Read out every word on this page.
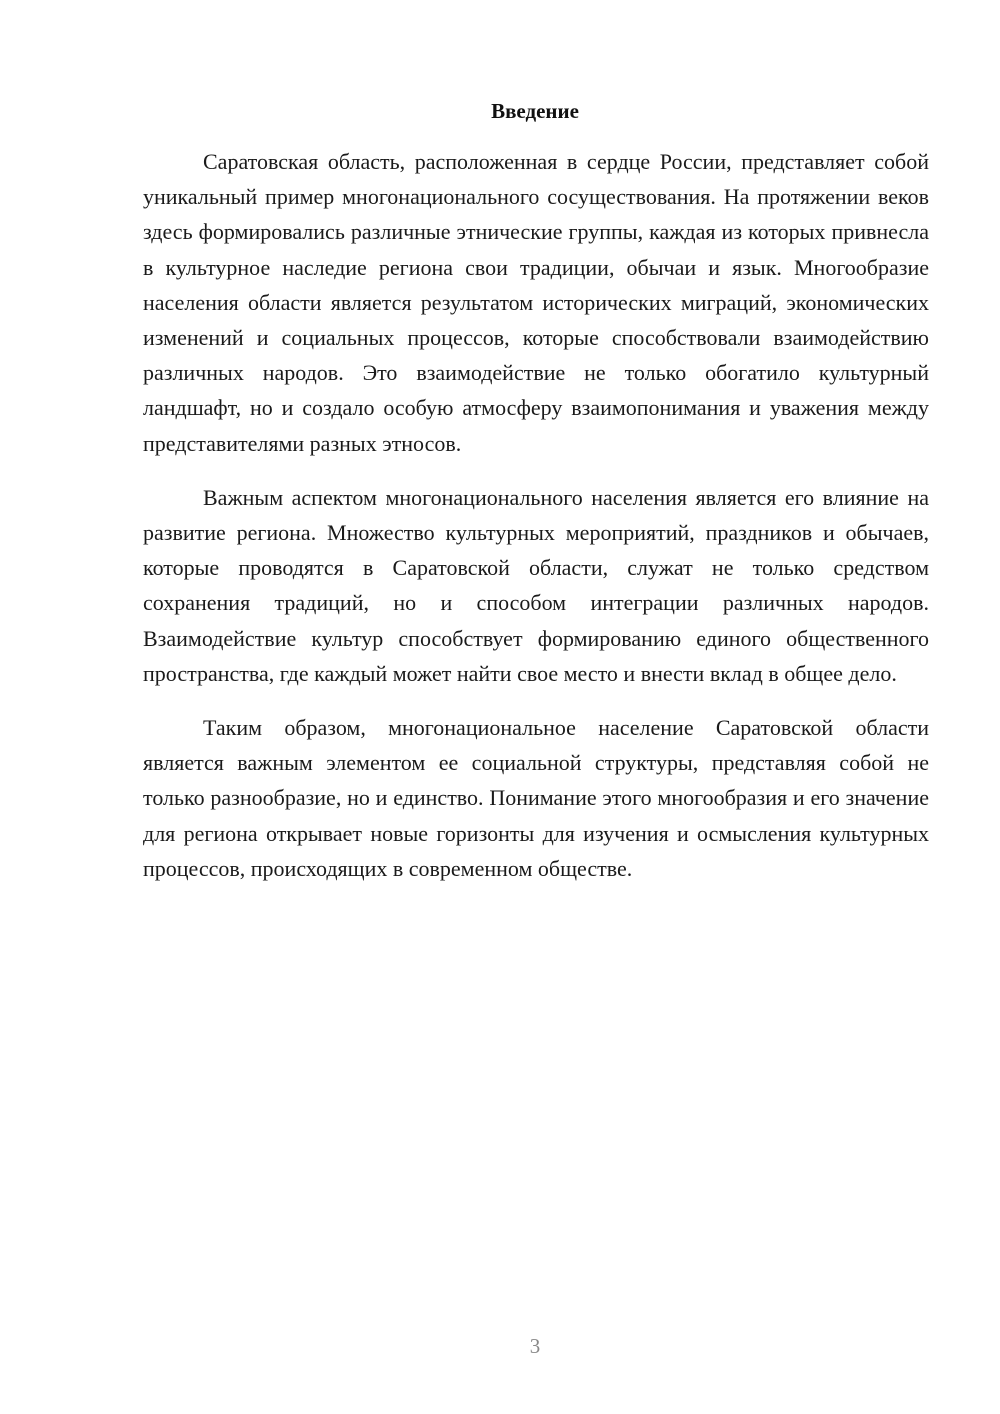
Введение

Саратовская область, расположенная в сердце России, представляет собой уникальный пример многонационального сосуществования. На протяжении веков здесь формировались различные этнические группы, каждая из которых привнесла в культурное наследие региона свои традиции, обычаи и язык. Многообразие населения области является результатом исторических миграций, экономических изменений и социальных процессов, которые способствовали взаимодействию различных народов. Это взаимодействие не только обогатило культурный ландшафт, но и создало особую атмосферу взаимопонимания и уважения между представителями разных этносов.

Важным аспектом многонационального населения является его влияние на развитие региона. Множество культурных мероприятий, праздников и обычаев, которые проводятся в Саратовской области, служат не только средством сохранения традиций, но и способом интеграции различных народов. Взаимодействие культур способствует формированию единого общественного пространства, где каждый может найти свое место и внести вклад в общее дело.

Таким образом, многонациональное население Саратовской области является важным элементом ее социальной структуры, представляя собой не только разнообразие, но и единство. Понимание этого многообразия и его значение для региона открывает новые горизонты для изучения и осмысления культурных процессов, происходящих в современном обществе.

3
